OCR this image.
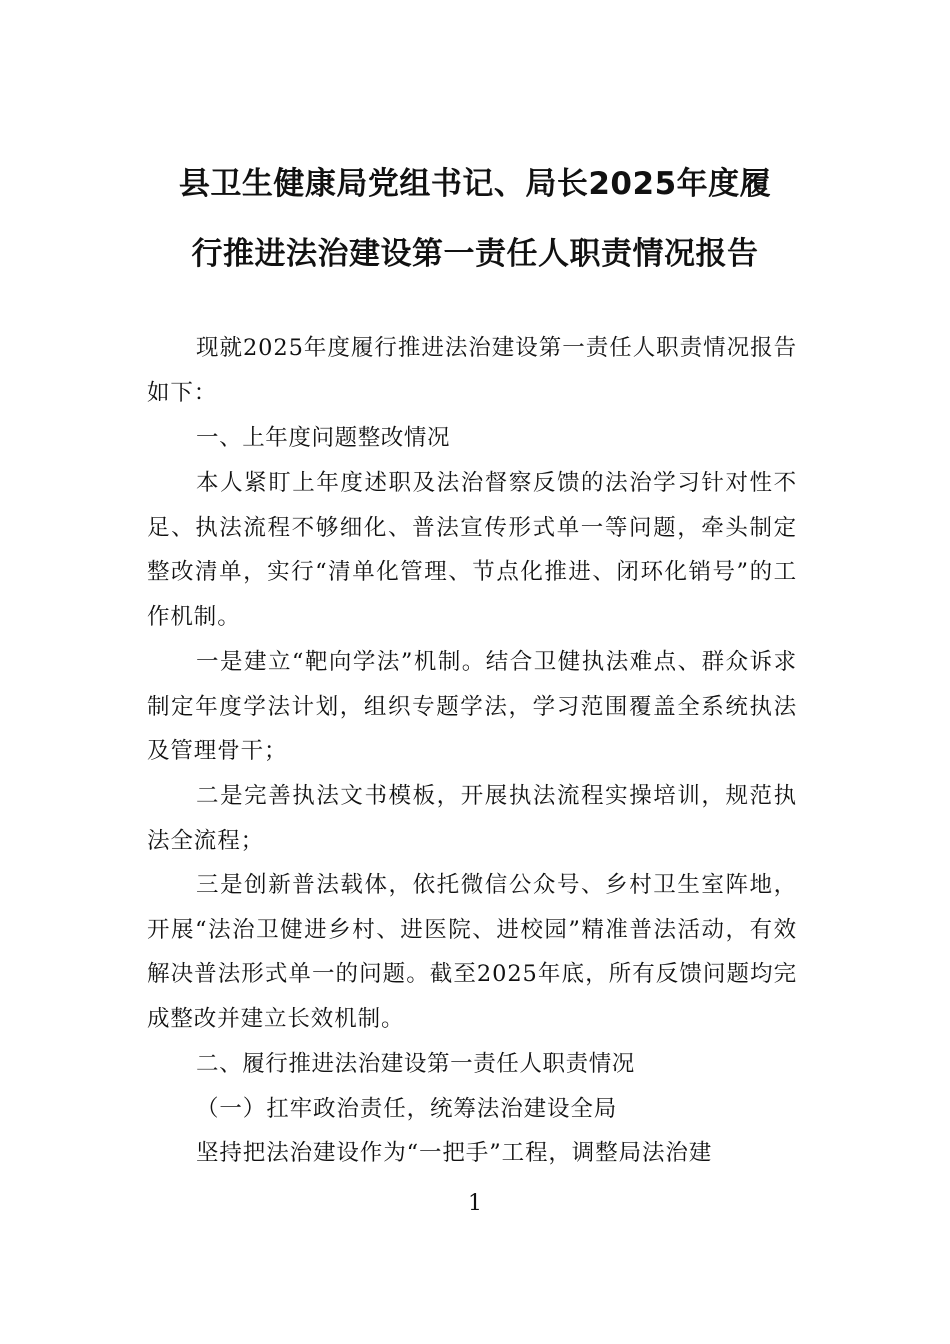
县卫生健康局党组书记、局长2025年度履
行推进法治建设第一责任人职责情况报告

现就2025年度履行推进法治建设第一责任人职责情况报告如下：

一、上年度问题整改情况

本人紧盯上年度述职及法治督察反馈的法治学习针对性不足、执法流程不够细化、普法宣传形式单一等问题，牵头制定整改清单，实行“清单化管理、节点化推进、闭环化销号”的工作机制。

一是建立“靶向学法”机制。结合卫健执法难点、群众诉求制定年度学法计划，组织专题学法，学习范围覆盖全系统执法及管理骨干；

二是完善执法文书模板，开展执法流程实操培训，规范执法全流程；

三是创新普法载体，依托微信公众号、乡村卫生室阵地，开展“法治卫健进乡村、进医院、进校园”精准普法活动，有效解决普法形式单一的问题。截至2025年底，所有反馈问题均完成整改并建立长效机制。

二、履行推进法治建设第一责任人职责情况

（一）扛牢政治责任，统筹法治建设全局

坚持把法治建设作为“一把手”工程，调整局法治建

1
